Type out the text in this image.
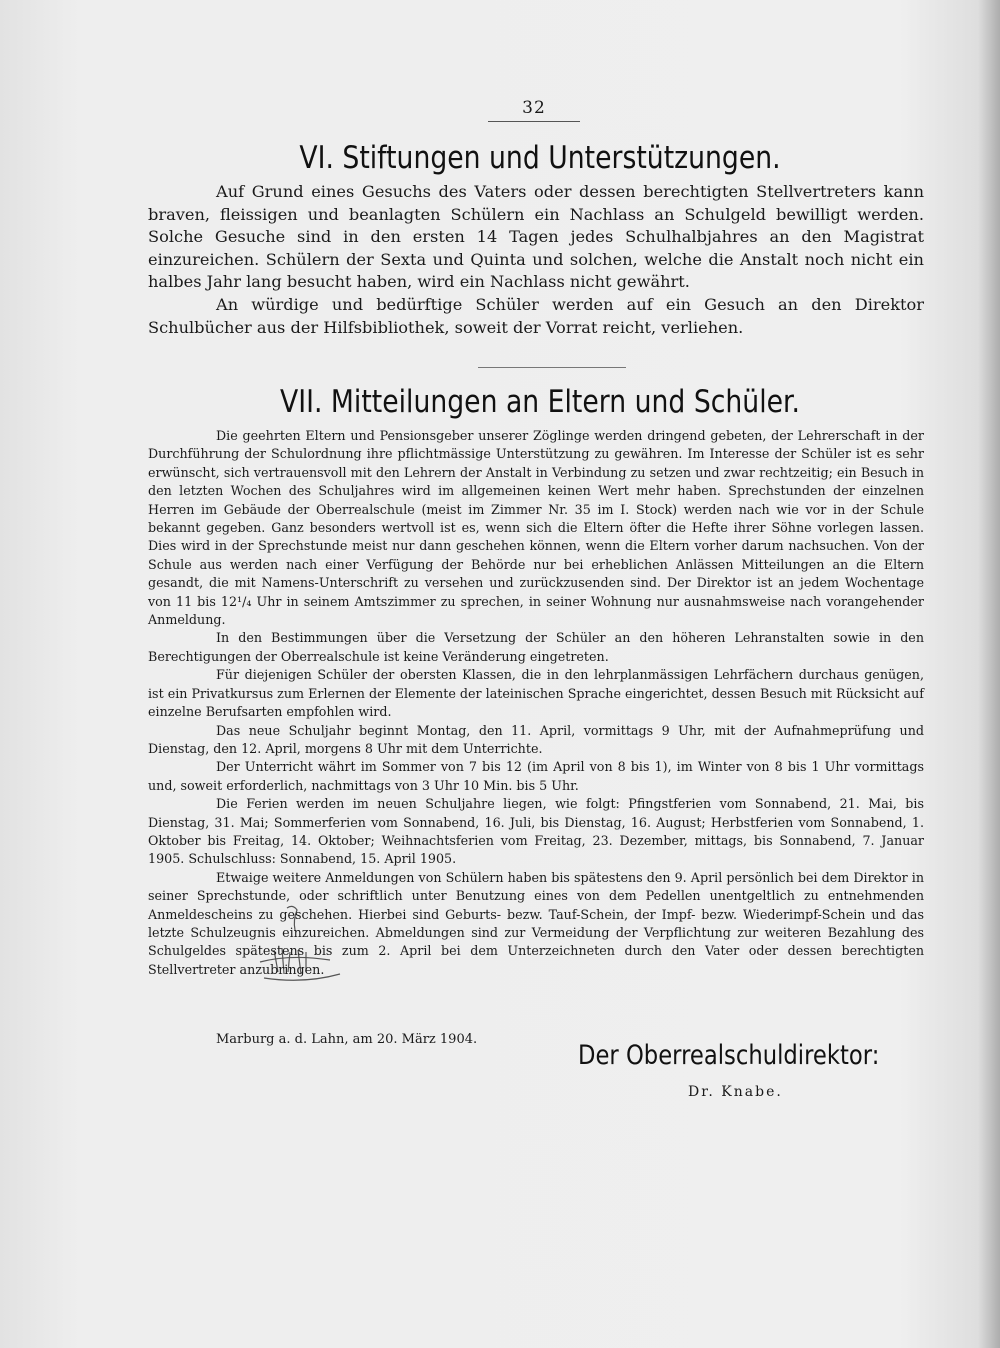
32
VI. Stiftungen und Unterstützungen.

Auf Grund eines Gesuchs des Vaters oder dessen berechtigten Stellvertreters kann braven, fleissigen und beanlagten Schülern ein Nachlass an Schulgeld bewilligt werden. Solche Gesuche sind in den ersten 14 Tagen jedes Schulhalbjahres an den Magistrat einzureichen. Schülern der Sexta und Quinta und solchen, welche die Anstalt noch nicht ein halbes Jahr lang besucht haben, wird ein Nachlass nicht gewährt.

An würdige und bedürftige Schüler werden auf ein Gesuch an den Direktor Schulbücher aus der Hilfsbibliothek, soweit der Vorrat reicht, verliehen.

VII. Mitteilungen an Eltern und Schüler.

Die geehrten Eltern und Pensionsgeber unserer Zöglinge werden dringend gebeten, der Lehrerschaft in der Durchführung der Schulordnung ihre pflichtmässige Unterstützung zu gewähren. Im Interesse der Schüler ist es sehr erwünscht, sich vertrauensvoll mit den Lehrern der Anstalt in Verbindung zu setzen und zwar rechtzeitig; ein Besuch in den letzten Wochen des Schuljahres wird im allgemeinen keinen Wert mehr haben. Sprechstunden der einzelnen Herren im Gebäude der Oberrealschule (meist im Zimmer Nr. 35 im I. Stock) werden nach wie vor in der Schule bekannt gegeben. Ganz besonders wertvoll ist es, wenn sich die Eltern öfter die Hefte ihrer Söhne vorlegen lassen. Dies wird in der Sprechstunde meist nur dann geschehen können, wenn die Eltern vorher darum nachsuchen. Von der Schule aus werden nach einer Verfügung der Behörde nur bei erheblichen Anlässen Mitteilungen an die Eltern gesandt, die mit Namens-Unterschrift zu versehen und zurückzusenden sind. Der Direktor ist an jedem Wochentage von 11 bis 12¹/₄ Uhr in seinem Amtszimmer zu sprechen, in seiner Wohnung nur ausnahmsweise nach vorangehender Anmeldung.

In den Bestimmungen über die Versetzung der Schüler an den höheren Lehranstalten sowie in den Berechtigungen der Oberrealschule ist keine Veränderung eingetreten.

Für diejenigen Schüler der obersten Klassen, die in den lehrplanmässigen Lehrfächern durchaus genügen, ist ein Privatkursus zum Erlernen der Elemente der lateinischen Sprache eingerichtet, dessen Besuch mit Rücksicht auf einzelne Berufsarten empfohlen wird.

Das neue Schuljahr beginnt Montag, den 11. April, vormittags 9 Uhr, mit der Aufnahmeprüfung und Dienstag, den 12. April, morgens 8 Uhr mit dem Unterrichte.

Der Unterricht währt im Sommer von 7 bis 12 (im April von 8 bis 1), im Winter von 8 bis 1 Uhr vormittags und, soweit erforderlich, nachmittags von 3 Uhr 10 Min. bis 5 Uhr.

Die Ferien werden im neuen Schuljahre liegen, wie folgt: Pfingstferien vom Sonnabend, 21. Mai, bis Dienstag, 31. Mai; Sommerferien vom Sonnabend, 16. Juli, bis Dienstag, 16. August; Herbstferien vom Sonnabend, 1. Oktober bis Freitag, 14. Oktober; Weihnachtsferien vom Freitag, 23. Dezember, mittags, bis Sonnabend, 7. Januar 1905. Schulschluss: Sonnabend, 15. April 1905.

Etwaige weitere Anmeldungen von Schülern haben bis spätestens den 9. April persönlich bei dem Direktor in seiner Sprechstunde, oder schriftlich unter Benutzung eines von dem Pedellen unentgeltlich zu entnehmenden Anmeldescheins zu geschehen. Hierbei sind Geburts- bezw. Tauf-Schein, der Impf- bezw. Wiederimpf-Schein und das letzte Schulzeugnis einzureichen. Abmeldungen sind zur Vermeidung der Verpflichtung zur weiteren Bezahlung des Schulgeldes spätestens bis zum 2. April bei dem Unterzeichneten durch den Vater oder dessen berechtigten Stellvertreter anzubringen.

Marburg a. d. Lahn, am 20. März 1904.
Der Oberrealschuldirektor:
Dr. Knabe.
